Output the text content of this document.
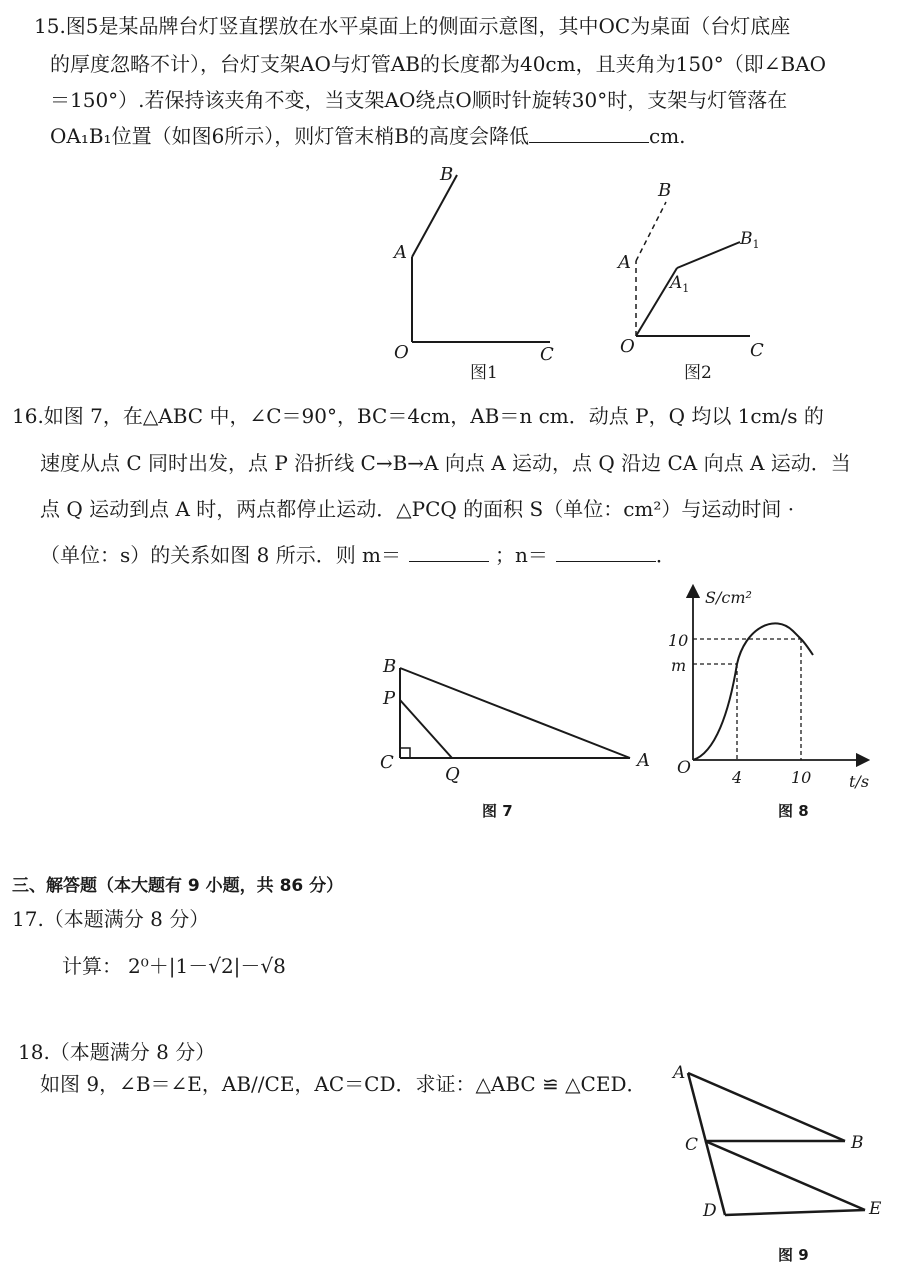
15.图5是某品牌台灯竖直摆放在水平桌面上的侧面示意图，其中OC为桌面（台灯底座
的厚度忽略不计），台灯支架AO与灯管AB的长度都为40cm，且夹角为150°（即∠BAO
＝150°）.若保持该夹角不变，当支架AO绕点O顺时针旋转30°时，支架与灯管落在
OA₁B₁位置（如图6所示），则灯管末梢B的高度会降低	cm.
B
A
O	C
图1
B
A
$A_1$
$B_1$
O	C
图2
16.如图 7，在△ABC 中，∠C＝90°，BC＝4cm，AB＝n cm．动点 P，Q 均以 1cm/s 的
速度从点 C 同时出发，点 P 沿折线 C→B→A 向点 A 运动，点 Q 沿边 CA 向点 A 运动．当
点 Q 运动到点 A 时，两点都停止运动．△PCQ 的面积 S（单位：cm²）与运动时间 ·
（单位：s）的关系如图 8 所示．则 m＝	；n＝	．
B
P
C
Q
A
图 7
S/cm²
t/s
O
10
m
4	10
图 8
三、解答题（本大题有 9 小题，共 86 分）
17.（本题满分 8 分）
计算： 2⁰＋|1－√2|－√8
18.（本题满分 8 分）
如图 9，∠B＝∠E，AB//CE，AC＝CD．求证：△ABC ≌ △CED． A
B
C
D	E
图 9
